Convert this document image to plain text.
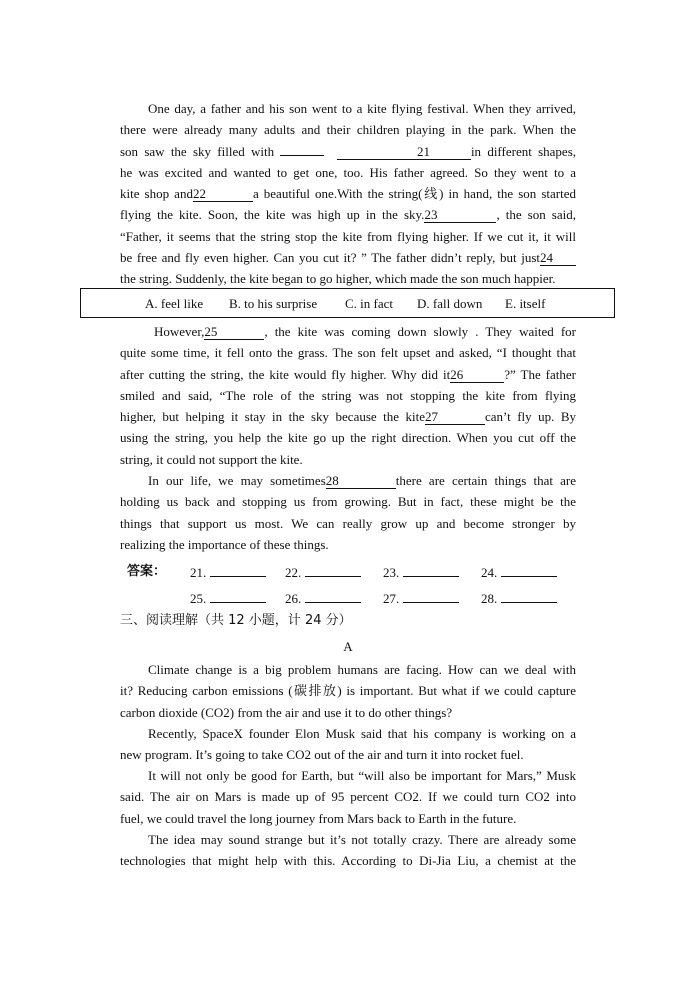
One day, a father and his son went to a kite flying festival. When they arrived,
there were already many adults and their children playing in the park. When the
son saw the sky filled with	21	in different shapes,
he was excited and wanted to get one, too. His father agreed. So they went to a
kite shop and22	a beautiful one.With the string(线) in hand, the son started
flying the kite. Soon, the kite was high up in the sky.23	, the son said,
“Father, it seems that the string stop the kite from flying higher. If we cut it, it will
be free and fly even higher. Can you cut it? ” The father didn’t reply, but just24
the string. Suddenly, the kite began to go higher, which made the son much happier.
A. feel like B. to his surprise C. in fact D. fall down E. itself
However,25	, the kite was coming down slowly . They waited for
quite some time, it fell onto the grass. The son felt upset and asked, “I thought that
after cutting the string, the kite would fly higher. Why did it26	?” The father
smiled and said, “The role of the string was not stopping the kite from flying
higher, but helping it stay in the sky because the kite27	can’t fly up. By
using the string, you help the kite go up the right direction. When you cut off the
string, it could not support the kite.
In our life, we may sometimes28	there are certain things that are
holding us back and stopping us from growing. But in fact, these might be the
things that support us most. We can really grow up and become stronger by
realizing the importance of these things.
答案： 21.	22.	23.	24.
25.	26.	27.	28.
三、阅读理解（共 12 小题，计 24 分）
A
Climate change is a big problem humans are facing. How can we deal with
it? Reducing carbon emissions (碳排放) is important. But what if we could capture
carbon dioxide (CO2) from the air and use it to do other things?
Recently, SpaceX founder Elon Musk said that his company is working on a
new program. It’s going to take CO2 out of the air and turn it into rocket fuel.
It will not only be good for Earth, but “will also be important for Mars,” Musk
said. The air on Mars is made up of 95 percent CO2. If we could turn CO2 into
fuel, we could travel the long journey from Mars back to Earth in the future.
The idea may sound strange but it’s not totally crazy. There are already some
technologies that might help with this. According to Di-Jia Liu, a chemist at the
